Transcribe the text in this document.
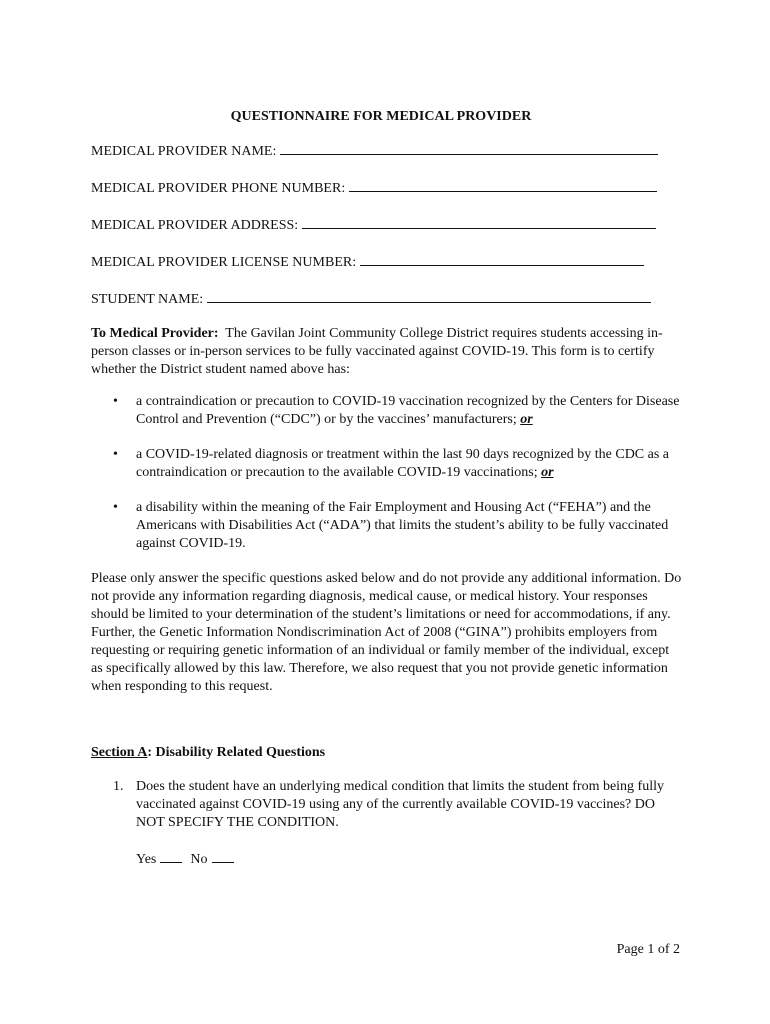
QUESTIONNAIRE FOR MEDICAL PROVIDER
MEDICAL PROVIDER NAME:
MEDICAL PROVIDER PHONE NUMBER:
MEDICAL PROVIDER ADDRESS:
MEDICAL PROVIDER LICENSE NUMBER:
STUDENT NAME:

To Medical Provider: The Gavilan Joint Community College District requires students accessing in-person classes or in-person services to be fully vaccinated against COVID-19. This form is to certify whether the District student named above has:

• a contraindication or precaution to COVID-19 vaccination recognized by the Centers for Disease Control and Prevention (“CDC”) or by the vaccines’ manufacturers; or
• a COVID-19-related diagnosis or treatment within the last 90 days recognized by the CDC as a contraindication or precaution to the available COVID-19 vaccinations; or
• a disability within the meaning of the Fair Employment and Housing Act (“FEHA”) and the Americans with Disabilities Act (“ADA”) that limits the student’s ability to be fully vaccinated against COVID-19.

Please only answer the specific questions asked below and do not provide any additional information. Do not provide any information regarding diagnosis, medical cause, or medical history. Your responses should be limited to your determination of the student’s limitations or need for accommodations, if any. Further, the Genetic Information Nondiscrimination Act of 2008 (“GINA”) prohibits employers from requesting or requiring genetic information of an individual or family member of the individual, except as specifically allowed by this law. Therefore, we also request that you not provide genetic information when responding to this request.

Section A: Disability Related Questions
1. Does the student have an underlying medical condition that limits the student from being fully vaccinated against COVID-19 using any of the currently available COVID-19 vaccines? DO NOT SPECIFY THE CONDITION.
Yes No
Page 1 of 2
